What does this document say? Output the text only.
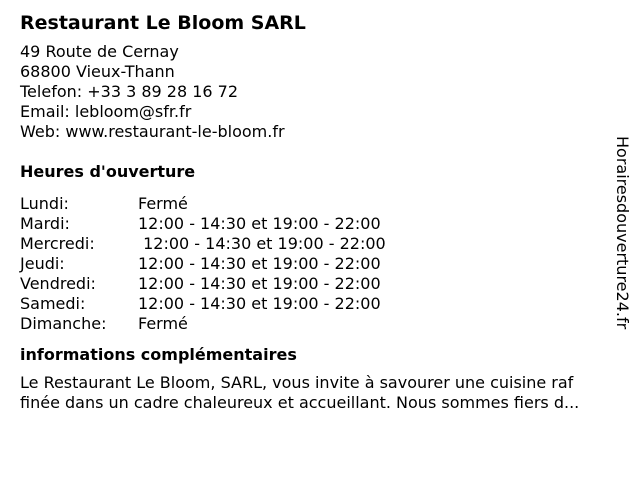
Restaurant Le Bloom SARL
49 Route de Cernay
68800 Vieux-Thann
Telefon: +33 3 89 28 16 72
Email: lebloom@sfr.fr
Web: www.restaurant-le-bloom.fr
Heures d'ouverture
Lundi:	Fermé
Mardi:	12:00 - 14:30 et 19:00 - 22:00
Mercredi:	12:00 - 14:30 et 19:00 - 22:00
Jeudi:	12:00 - 14:30 et 19:00 - 22:00
Vendredi:	12:00 - 14:30 et 19:00 - 22:00
Samedi:	12:00 - 14:30 et 19:00 - 22:00
Dimanche:	Fermé
informations complémentaires
Le Restaurant Le Bloom, SARL, vous invite à savourer une cuisine raf
finée dans un cadre chaleureux et accueillant. Nous sommes fiers d...
Horairesdouverture24.fr
